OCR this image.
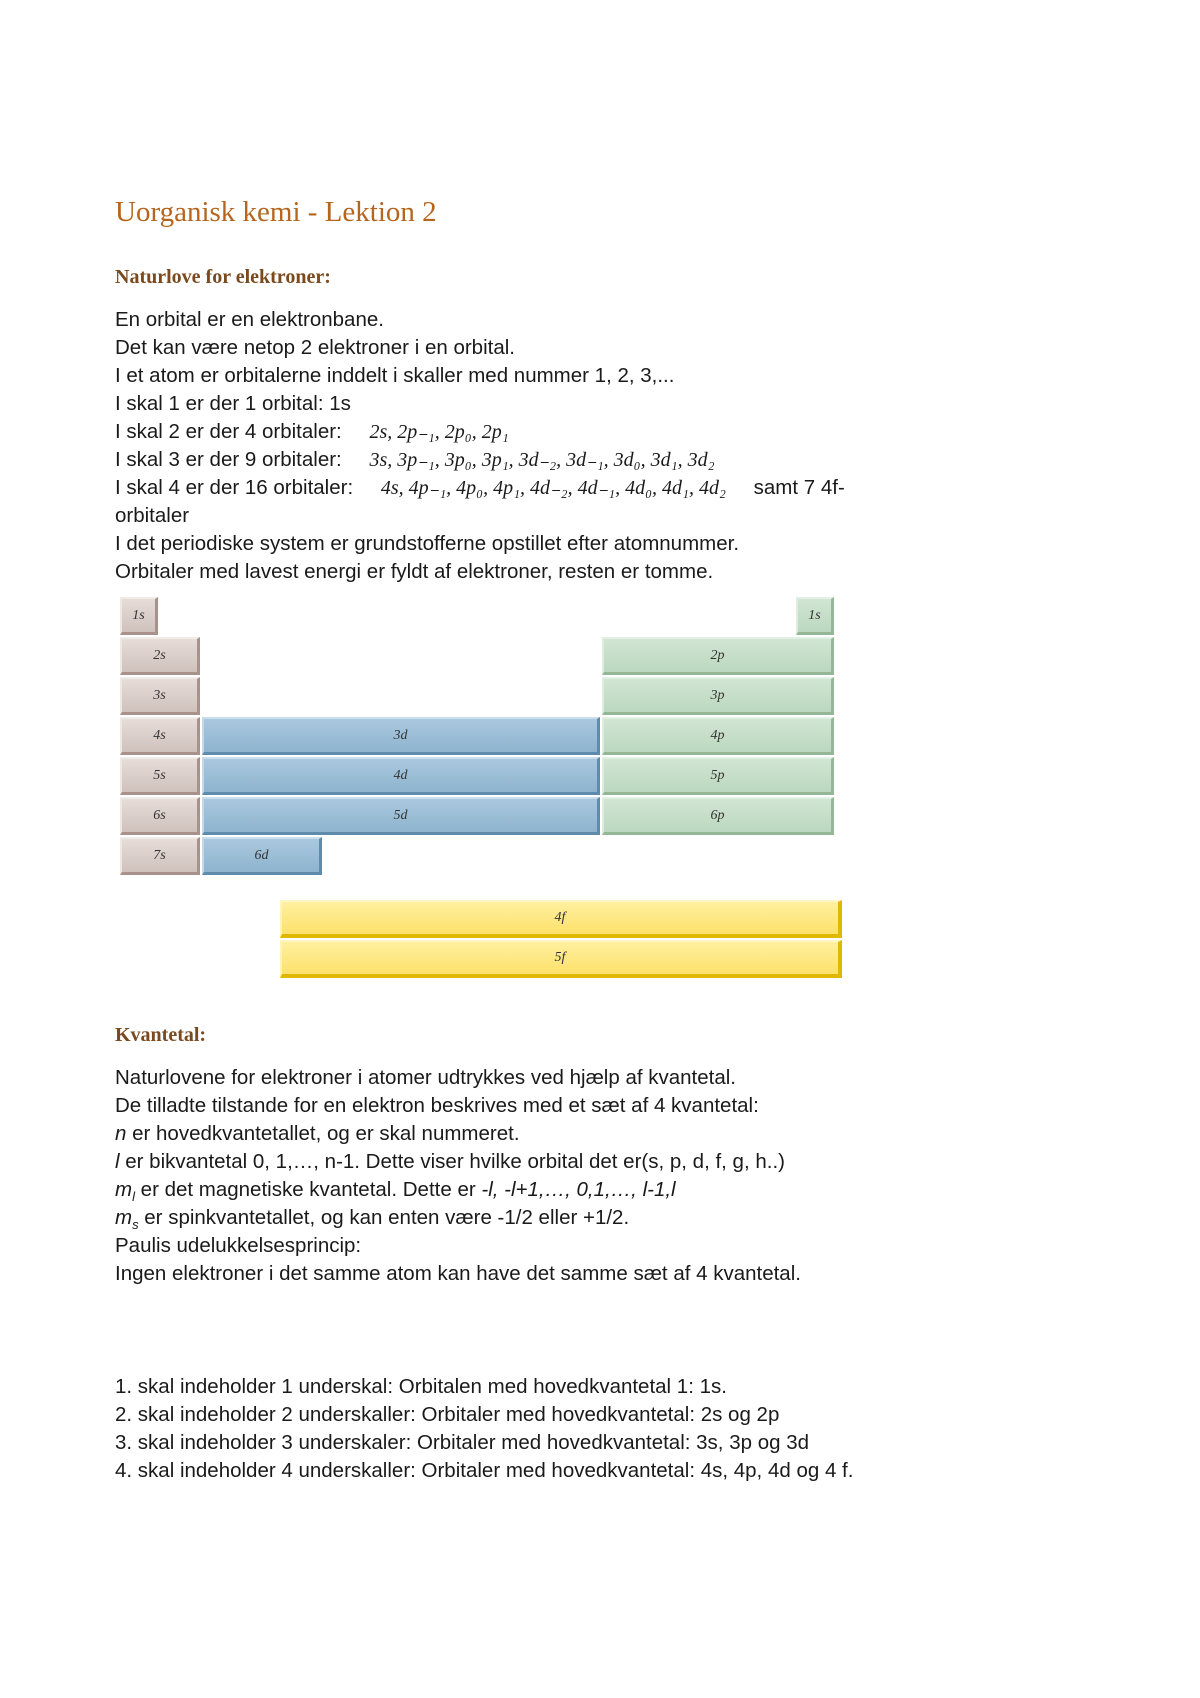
Uorganisk kemi - Lektion 2
Naturlove for elektroner:
En orbital er en elektronbane.
Det kan være netop 2 elektroner i en orbital.
I et atom er orbitalerne inddelt i skaller med nummer 1, 2, 3,...
I skal 1 er der 1 orbital: 1s
I skal 2 er der 4 orbitaler: 2s, 2p₋₁, 2p₀, 2p₁
I skal 3 er der 9 orbitaler: 3s, 3p₋₁, 3p₀, 3p₁, 3d₋₂, 3d₋₁, 3d₀, 3d₁, 3d₂
I skal 4 er der 16 orbitaler: 4s, 4p₋₁, 4p₀, 4p₁, 4d₋₂, 4d₋₁, 4d₀, 4d₁, 4d₂ samt 7 4f-
orbitaler
I det periodiske system er grundstofferne opstillet efter atomnummer.
Orbitaler med lavest energi er fyldt af elektroner, resten er tomme.
1s
2s
3s
4s
5s
6s
7s
1s
3d
4d
5d
6d
2p
3p
4p
5p
6p
4f
5f
Kvantetal:
Naturlovene for elektroner i atomer udtrykkes ved hjælp af kvantetal.
De tilladte tilstande for en elektron beskrives med et sæt af 4 kvantetal:
n er hovedkvantetallet, og er skal nummeret.
l er bikvantetal 0, 1,…, n-1. Dette viser hvilke orbital det er(s, p, d, f, g, h..)
$m_l$ er det magnetiske kvantetal. Dette er -l, -l+1,…, 0,1,…, l-1,l
$m_s$ er spinkvantetallet, og kan enten være -1/2 eller +1/2.
Paulis udelukkelsesprincip:
Ingen elektroner i det samme atom kan have det samme sæt af 4 kvantetal.
1. skal indeholder 1 underskal: Orbitalen med hovedkvantetal 1: 1s.
2. skal indeholder 2 underskaller: Orbitaler med hovedkvantetal: 2s og 2p
3. skal indeholder 3 underskaler: Orbitaler med hovedkvantetal: 3s, 3p og 3d
4. skal indeholder 4 underskaller: Orbitaler med hovedkvantetal: 4s, 4p, 4d og 4 f.
